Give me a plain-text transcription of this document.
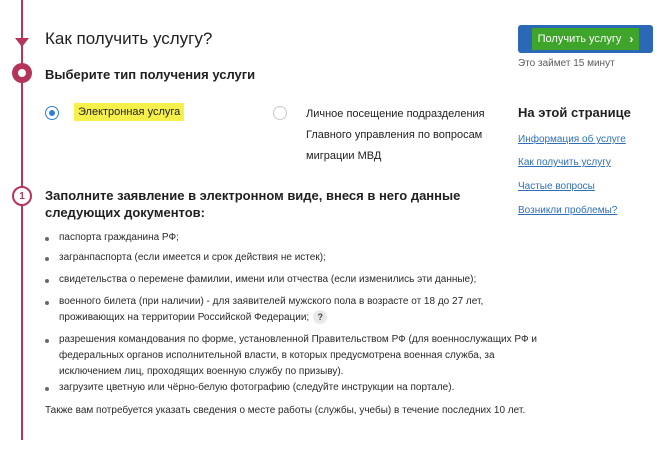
1
Как получить услугу?
Выберите тип получения услуги
Электронная услуга	Личное посещение подразделения Главного управления по вопросам миграции МВД
Заполните заявление в электронном виде, внеся в него данные следующих документов:
паспорта гражданина РФ;
загранпаспорта (если имеется и срок действия не истек);
свидетельства о перемене фамилии, имени или отчества (если изменились эти данные);
военного билета (при наличии) - для заявителей мужского пола в возрасте от 18 до 27 лет, проживающих на территории Российской Федерации; ?
разрешения командования по форме, установленной Правительством РФ (для военнослужащих РФ и федеральных органов исполнительной власти, в которых предусмотрена военная служба, за исключением лиц, проходящих военную службу по призыву).
загрузите цветную или чёрно-белую фотографию (следуйте инструкции на портале).
Также вам потребуется указать сведения о месте работы (службы, учебы) в течение последних 10 лет.
Получить услугу ›
Это займет 15 минут
На этой странице
Информация об услуге
Как получить услугу
Частые вопросы
Возникли проблемы?
